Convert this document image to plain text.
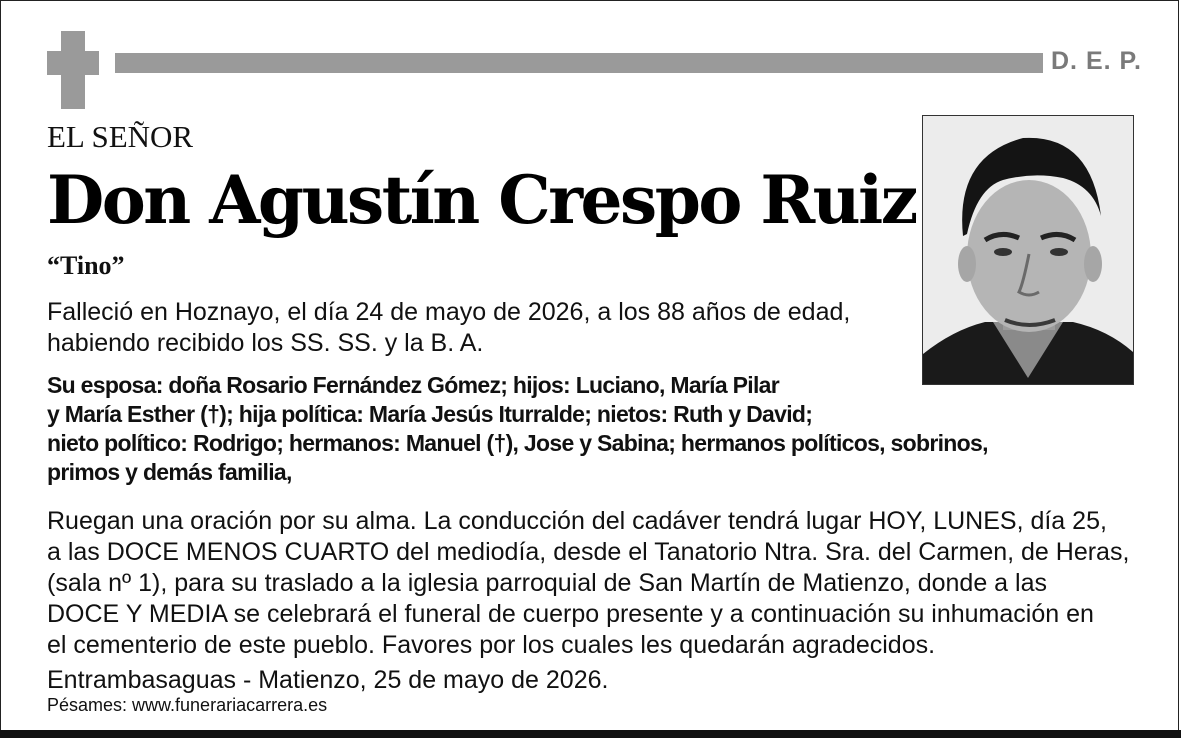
D. E. P.
EL SEÑOR
Don Agustín Crespo Ruiz
“Tino”
Falleció en Hoznayo, el día 24 de mayo de 2026, a los 88 años de edad,
habiendo recibido los SS. SS. y la B. A.
Su esposa: doña Rosario Fernández Gómez; hijos: Luciano, María Pilar
y María Esther (†); hija política: María Jesús Iturralde; nietos: Ruth y David;
nieto político: Rodrigo; hermanos: Manuel (†), Jose y Sabina; hermanos políticos, sobrinos,
primos y demás familia,
Ruegan una oración por su alma. La conducción del cadáver tendrá lugar HOY, LUNES, día 25,
a las DOCE MENOS CUARTO del mediodía, desde el Tanatorio Ntra. Sra. del Carmen, de Heras,
(sala nº 1), para su traslado a la iglesia parroquial de San Martín de Matienzo, donde a las
DOCE Y MEDIA se celebrará el funeral de cuerpo presente y a continuación su inhumación en
el cementerio de este pueblo. Favores por los cuales les quedarán agradecidos.
Entrambasaguas - Matienzo, 25 de mayo de 2026.
Pésames: www.funerariacarrera.es
